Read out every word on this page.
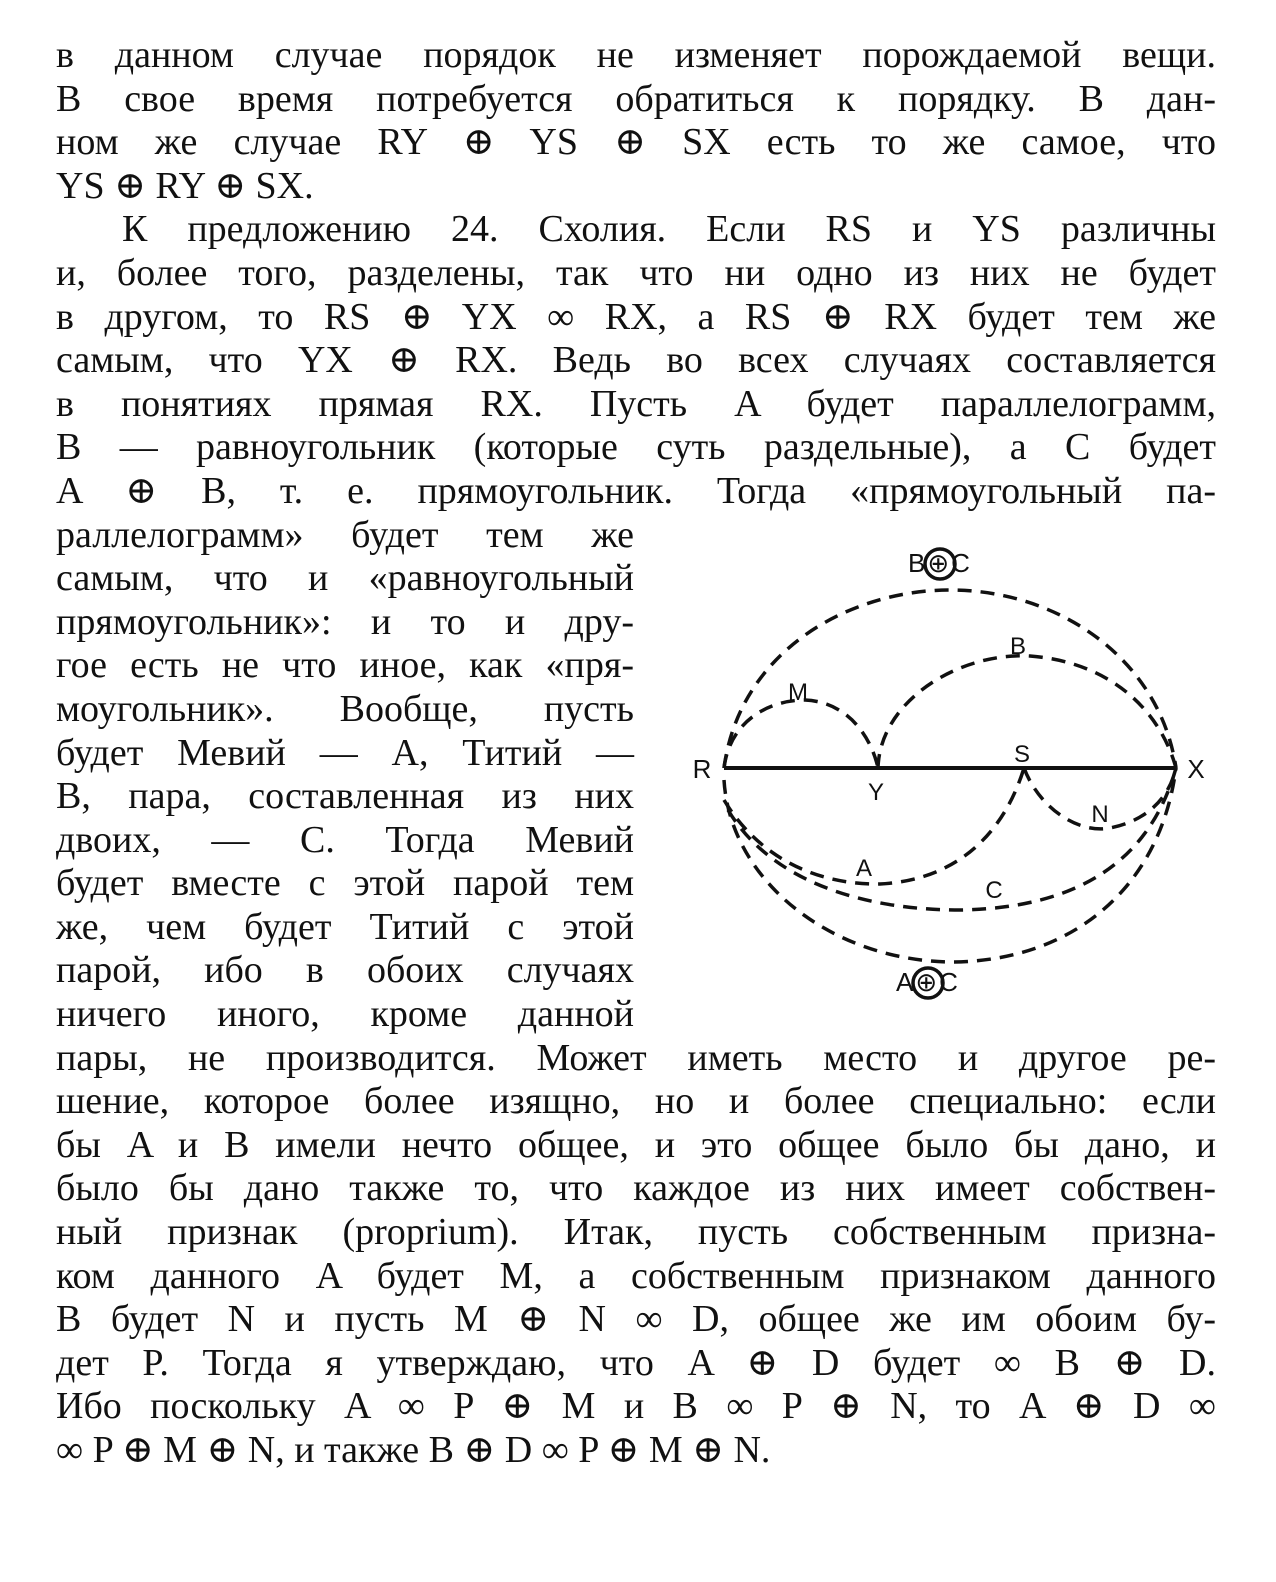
в данном случае порядок не изменяет порождаемой вещи.
В свое время потребуется обратиться к порядку. В дан-
ном же случае RY ⊕ YS ⊕ SX есть то же самое, что
YS ⊕ RY ⊕ SX.
К предложению 24. Схолия. Если RS и YS различны
и, более того, разделены, так что ни одно из них не будет
в другом, то RS ⊕ YX ∞ RX, а RS ⊕ RX будет тем же
самым, что YX ⊕ RX. Ведь во всех случаях составляется
в понятиях прямая RX. Пусть A будет параллелограмм,
B — равноугольник (которые суть раздельные), а C будет
A ⊕ B, т. е. прямоугольник. Тогда «прямоугольный па-
раллелограмм» будет тем же
самым, что и «равноугольный
прямоугольник»: и то и дру-
гое есть не что иное, как «пря-
моугольник». Вообще, пусть
будет Мевий — A, Титий —
B, пара, составленная из них
двоих, — C. Тогда Мевий
будет вместе с этой парой тем
же, чем будет Титий с этой
парой, ибо в обоих случаях
ничего иного, кроме данной
пары, не производится. Может иметь место и другое ре-
шение, которое более изящно, но и более специально: если
бы A и B имели нечто общее, и это общее было бы дано, и
было бы дано также то, что каждое из них имеет собствен-
ный признак (proprium). Итак, пусть собственным призна-
ком данного A будет M, а собственным признаком данного
B будет N и пусть M ⊕ N ∞ D, общее же им обоим бу-
дет P. Тогда я утверждаю, что A ⊕ D будет ∞ B ⊕ D.
Ибо поскольку A ∞ P ⊕ M и B ∞ P ⊕ N, то A ⊕ D ∞
∞ P ⊕ M ⊕ N, и также B ⊕ D ∞ P ⊕ M ⊕ N.
B⊕C
A⊕C
B
M
R
Y
S	X
N
A
C
